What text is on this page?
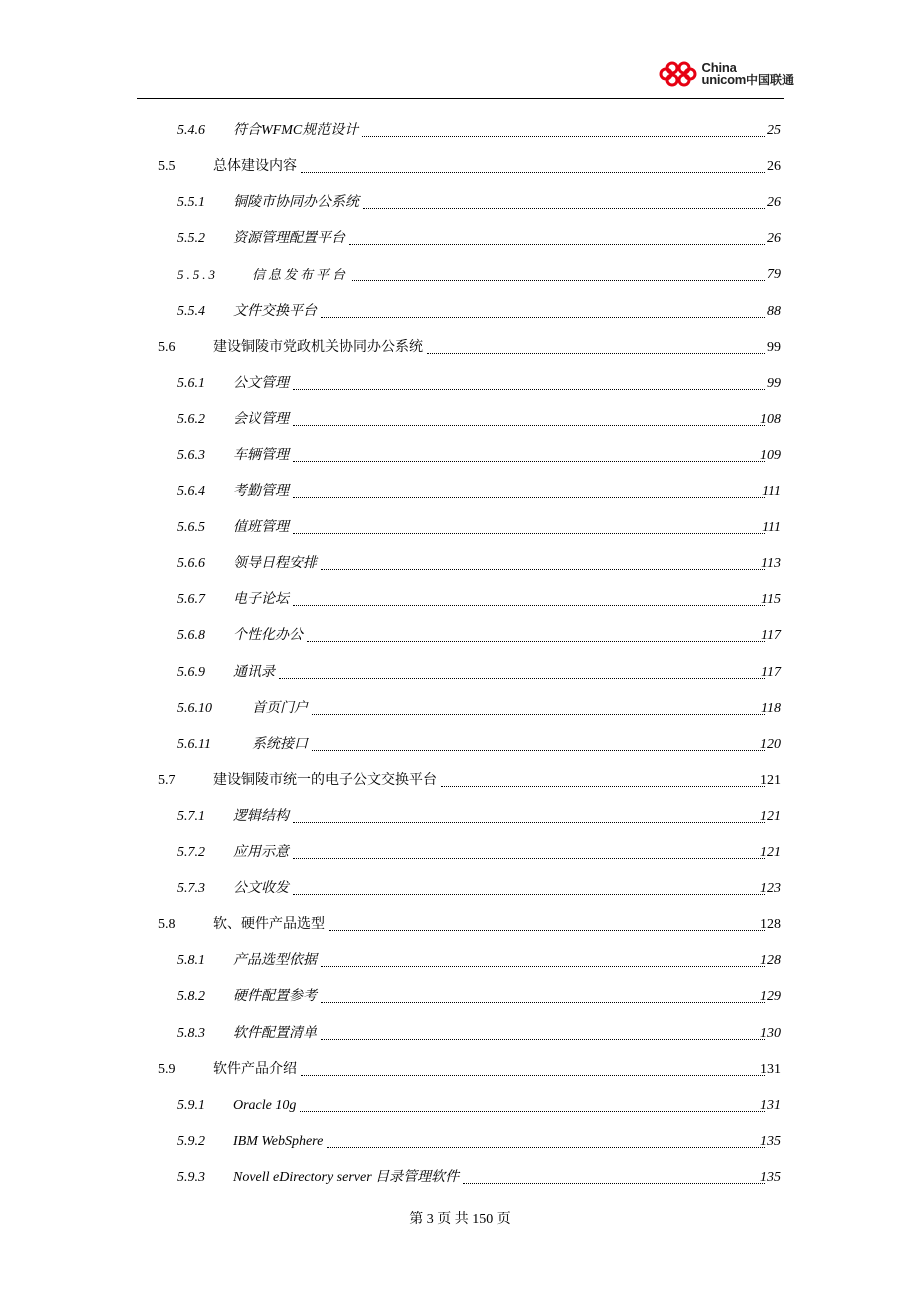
China
unicom 中国联通
5.4.6 符合WFMC规范设计	25
5.5	总体建设内容	26
5.5.1 铜陵市协同办公系统	26
5.5.2 资源管理配置平台	26
5.5.3	信息发布平台	79
5.5.4 文件交换平台	88
5.6	建设铜陵市党政机关协同办公系统	99
5.6.1 公文管理	99
5.6.2 会议管理	108
5.6.3 车辆管理	109
5.6.4 考勤管理	111
5.6.5 值班管理	111
5.6.6 领导日程安排	113
5.6.7 电子论坛	115
5.6.8 个性化办公	117
5.6.9 通讯录	117
5.6.10	首页门户	118
5.6.11	系统接口	120
5.7	建设铜陵市统一的电子公文交换平台	121
5.7.1 逻辑结构	121
5.7.2 应用示意	121
5.7.3 公文收发	123
5.8	软、硬件产品选型	128
5.8.1 产品选型依据	128
5.8.2 硬件配置参考	129
5.8.3 软件配置清单	130
5.9	软件产品介绍	131
5.9.1 Oracle 10g	131
5.9.2 IBM WebSphere	135
5.9.3 Novell eDirectory server 目录管理软件	135
第 3 页 共 150 页
